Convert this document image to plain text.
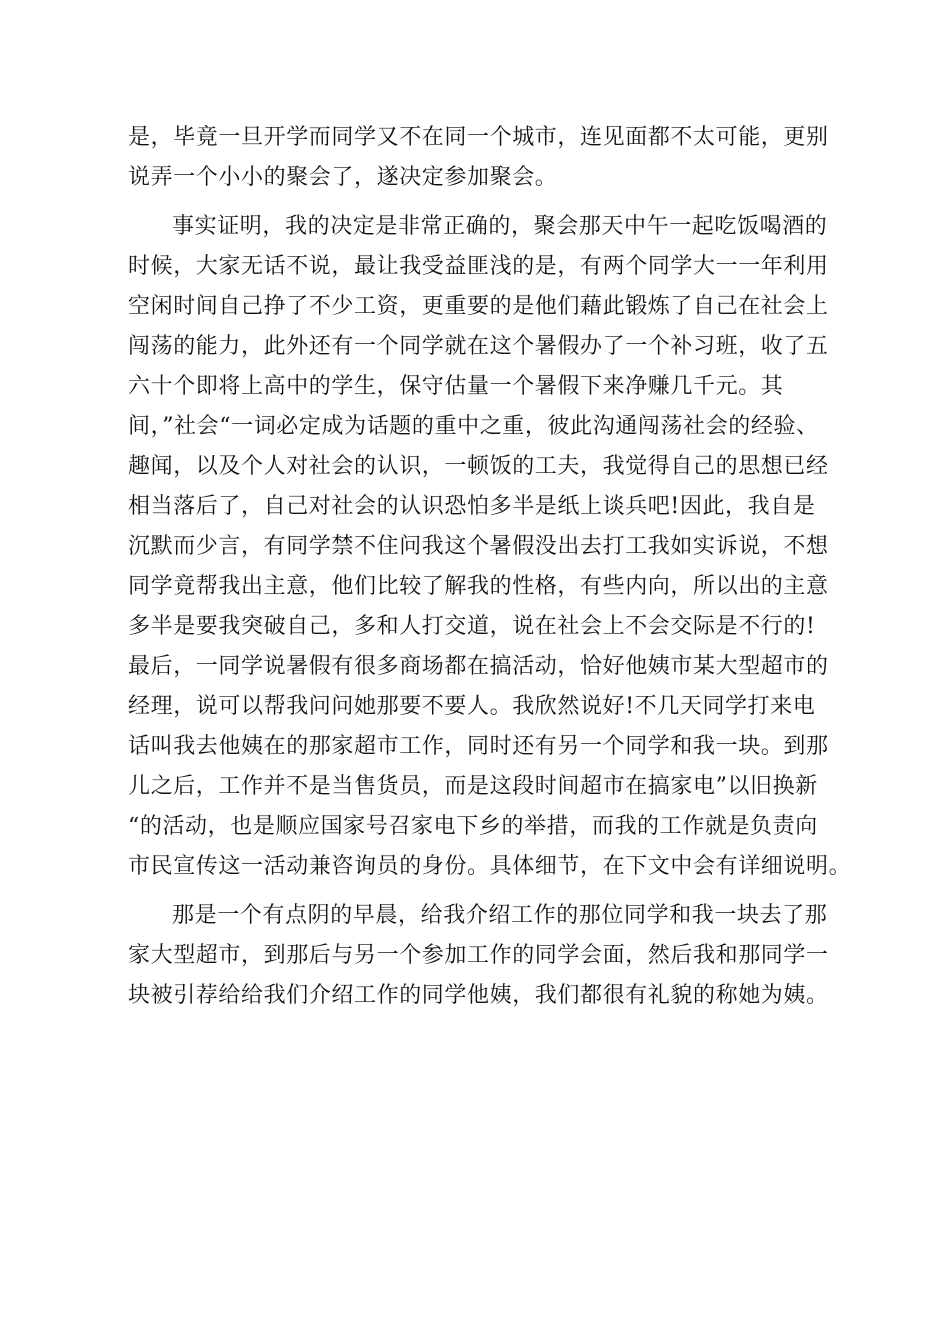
是，毕竟一旦开学而同学又不在同一个城市，连见面都不太可能，更别
说弄一个小小的聚会了，遂决定参加聚会。
事实证明，我的决定是非常正确的，聚会那天中午一起吃饭喝酒的
时候，大家无话不说，最让我受益匪浅的是，有两个同学大一一年利用
空闲时间自己挣了不少工资，更重要的是他们藉此锻炼了自己在社会上
闯荡的能力，此外还有一个同学就在这个暑假办了一个补习班，收了五
六十个即将上高中的学生，保守估量一个暑假下来净赚几千元。其
间，”社会“一词必定成为话题的重中之重，彼此沟通闯荡社会的经验、
趣闻，以及个人对社会的认识，一顿饭的工夫，我觉得自己的思想已经
相当落后了，自己对社会的认识恐怕多半是纸上谈兵吧!因此，我自是
沉默而少言，有同学禁不住问我这个暑假没出去打工我如实诉说，不想
同学竟帮我出主意，他们比较了解我的性格，有些内向，所以出的主意
多半是要我突破自己，多和人打交道，说在社会上不会交际是不行的!
最后，一同学说暑假有很多商场都在搞活动，恰好他姨市某大型超市的
经理，说可以帮我问问她那要不要人。我欣然说好!不几天同学打来电
话叫我去他姨在的那家超市工作，同时还有另一个同学和我一块。到那
儿之后，工作并不是当售货员，而是这段时间超市在搞家电”以旧换新
“的活动，也是顺应国家号召家电下乡的举措，而我的工作就是负责向
市民宣传这一活动兼咨询员的身份。具体细节，在下文中会有详细说明。
那是一个有点阴的早晨，给我介绍工作的那位同学和我一块去了那
家大型超市，到那后与另一个参加工作的同学会面，然后我和那同学一
块被引荐给给我们介绍工作的同学他姨，我们都很有礼貌的称她为姨。
